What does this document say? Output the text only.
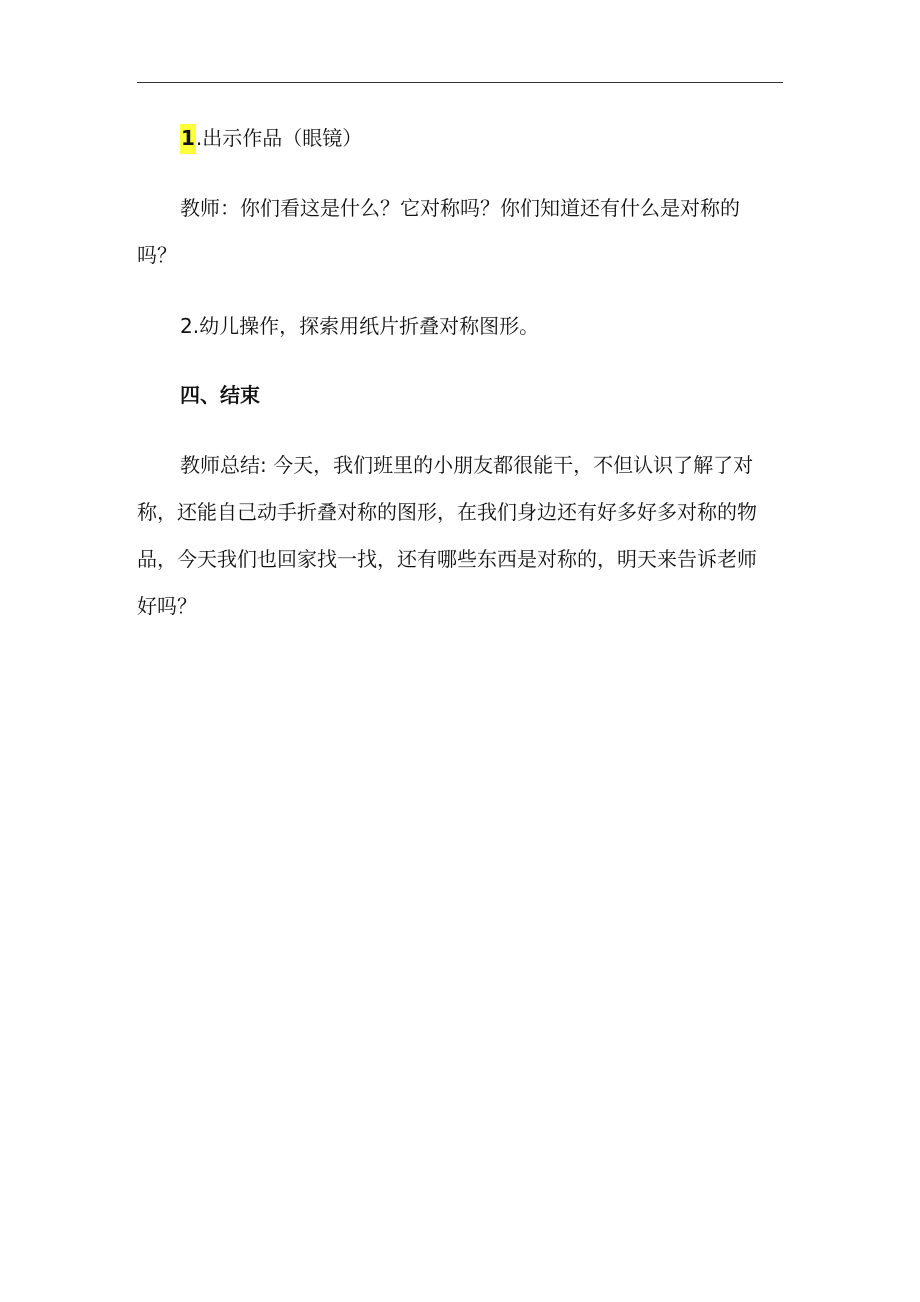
1.出示作品（眼镜）

教师：你们看这是什么？它对称吗？你们知道还有什么是对称的
吗？

2.幼儿操作，探索用纸片折叠对称图形。

四、结束

教师总结: 今天，我们班里的小朋友都很能干，不但认识了解了对
称，还能自己动手折叠对称的图形，在我们身边还有好多好多对称的物
品，今天我们也回家找一找，还有哪些东西是对称的，明天来告诉老师
好吗？
